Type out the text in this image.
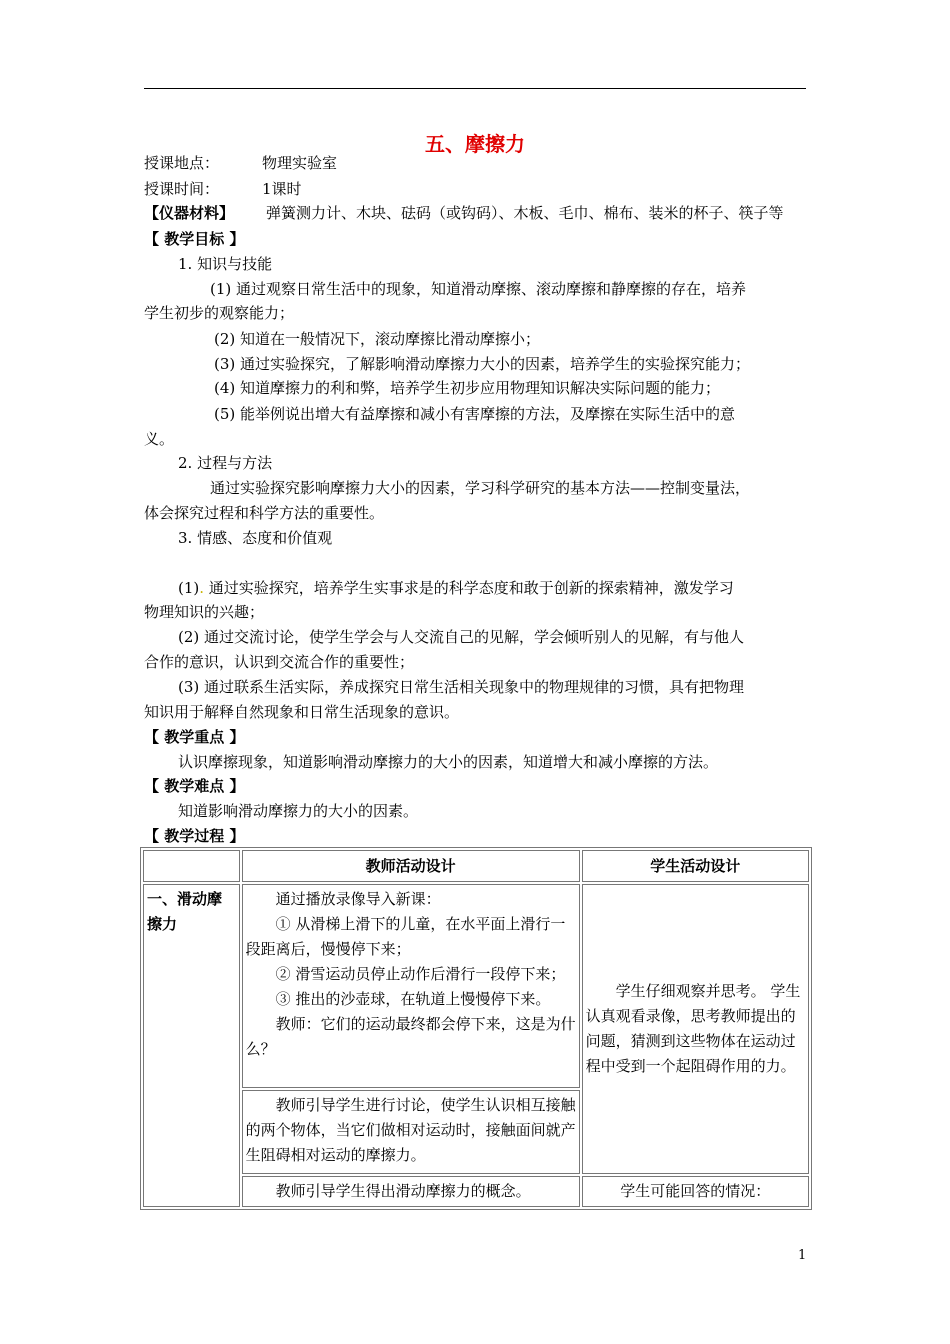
五、摩擦力
授课地点：	物理实验室
授课时间：	1课时
【仪器材料】 弹簧测力计、木块、砝码（或钩码）、木板、毛巾、棉布、装米的杯子、筷子等
【 教学目标 】
1. 知识与技能
(1) 通过观察日常生活中的现象，知道滑动摩擦、滚动摩擦和静摩擦的存在，培养
学生初步的观察能力；
(2) 知道在一般情况下，滚动摩擦比滑动摩擦小；
(3) 通过实验探究，了解影响滑动摩擦力大小的因素，培养学生的实验探究能力；
(4) 知道摩擦力的利和弊，培养学生初步应用物理知识解决实际问题的能力；
(5) 能举例说出增大有益摩擦和减小有害摩擦的方法，及摩擦在实际生活中的意
义。
2. 过程与方法
通过实验探究影响摩擦力大小的因素，学习科学研究的基本方法——控制变量法，
体会探究过程和科学方法的重要性。
3. 情感、态度和价值观
(1). 通过实验探究，培养学生实事求是的科学态度和敢于创新的探索精神，激发学习
物理知识的兴趣；
(2) 通过交流讨论，使学生学会与人交流自己的见解，学会倾听别人的见解，有与他人
合作的意识，认识到交流合作的重要性；
(3) 通过联系生活实际，养成探究日常生活相关现象中的物理规律的习惯，具有把物理
知识用于解释自然现象和日常生活现象的意识。
【 教学重点 】
认识摩擦现象，知道影响滑动摩擦力的大小的因素，知道增大和减小摩擦的方法。
【 教学难点 】
知道影响滑动摩擦力的大小的因素。
【 教学过程 】
	教师活动设计	学生活动设计
一、滑动摩擦力	通过播放录像导入新课：
① 从滑梯上滑下的儿童，在水平面上滑行一段距离后，慢慢停下来；
② 滑雪运动员停止动作后滑行一段停下来；
③ 推出的沙壶球，在轨道上慢慢停下来。
教师：它们的运动最终都会停下来，这是为什么？	学生仔细观察并思考。 学生认真观看录像，思考教师提出的问题，猜测到这些物体在运动过程中受到一个起阻碍作用的力。
	教师引导学生进行讨论，使学生认识相互接触的两个物体，当它们做相对运动时，接触面间就产生阻碍相对运动的摩擦力。	
	教师引导学生得出滑动摩擦力的概念。	学生可能回答的情况：
1
